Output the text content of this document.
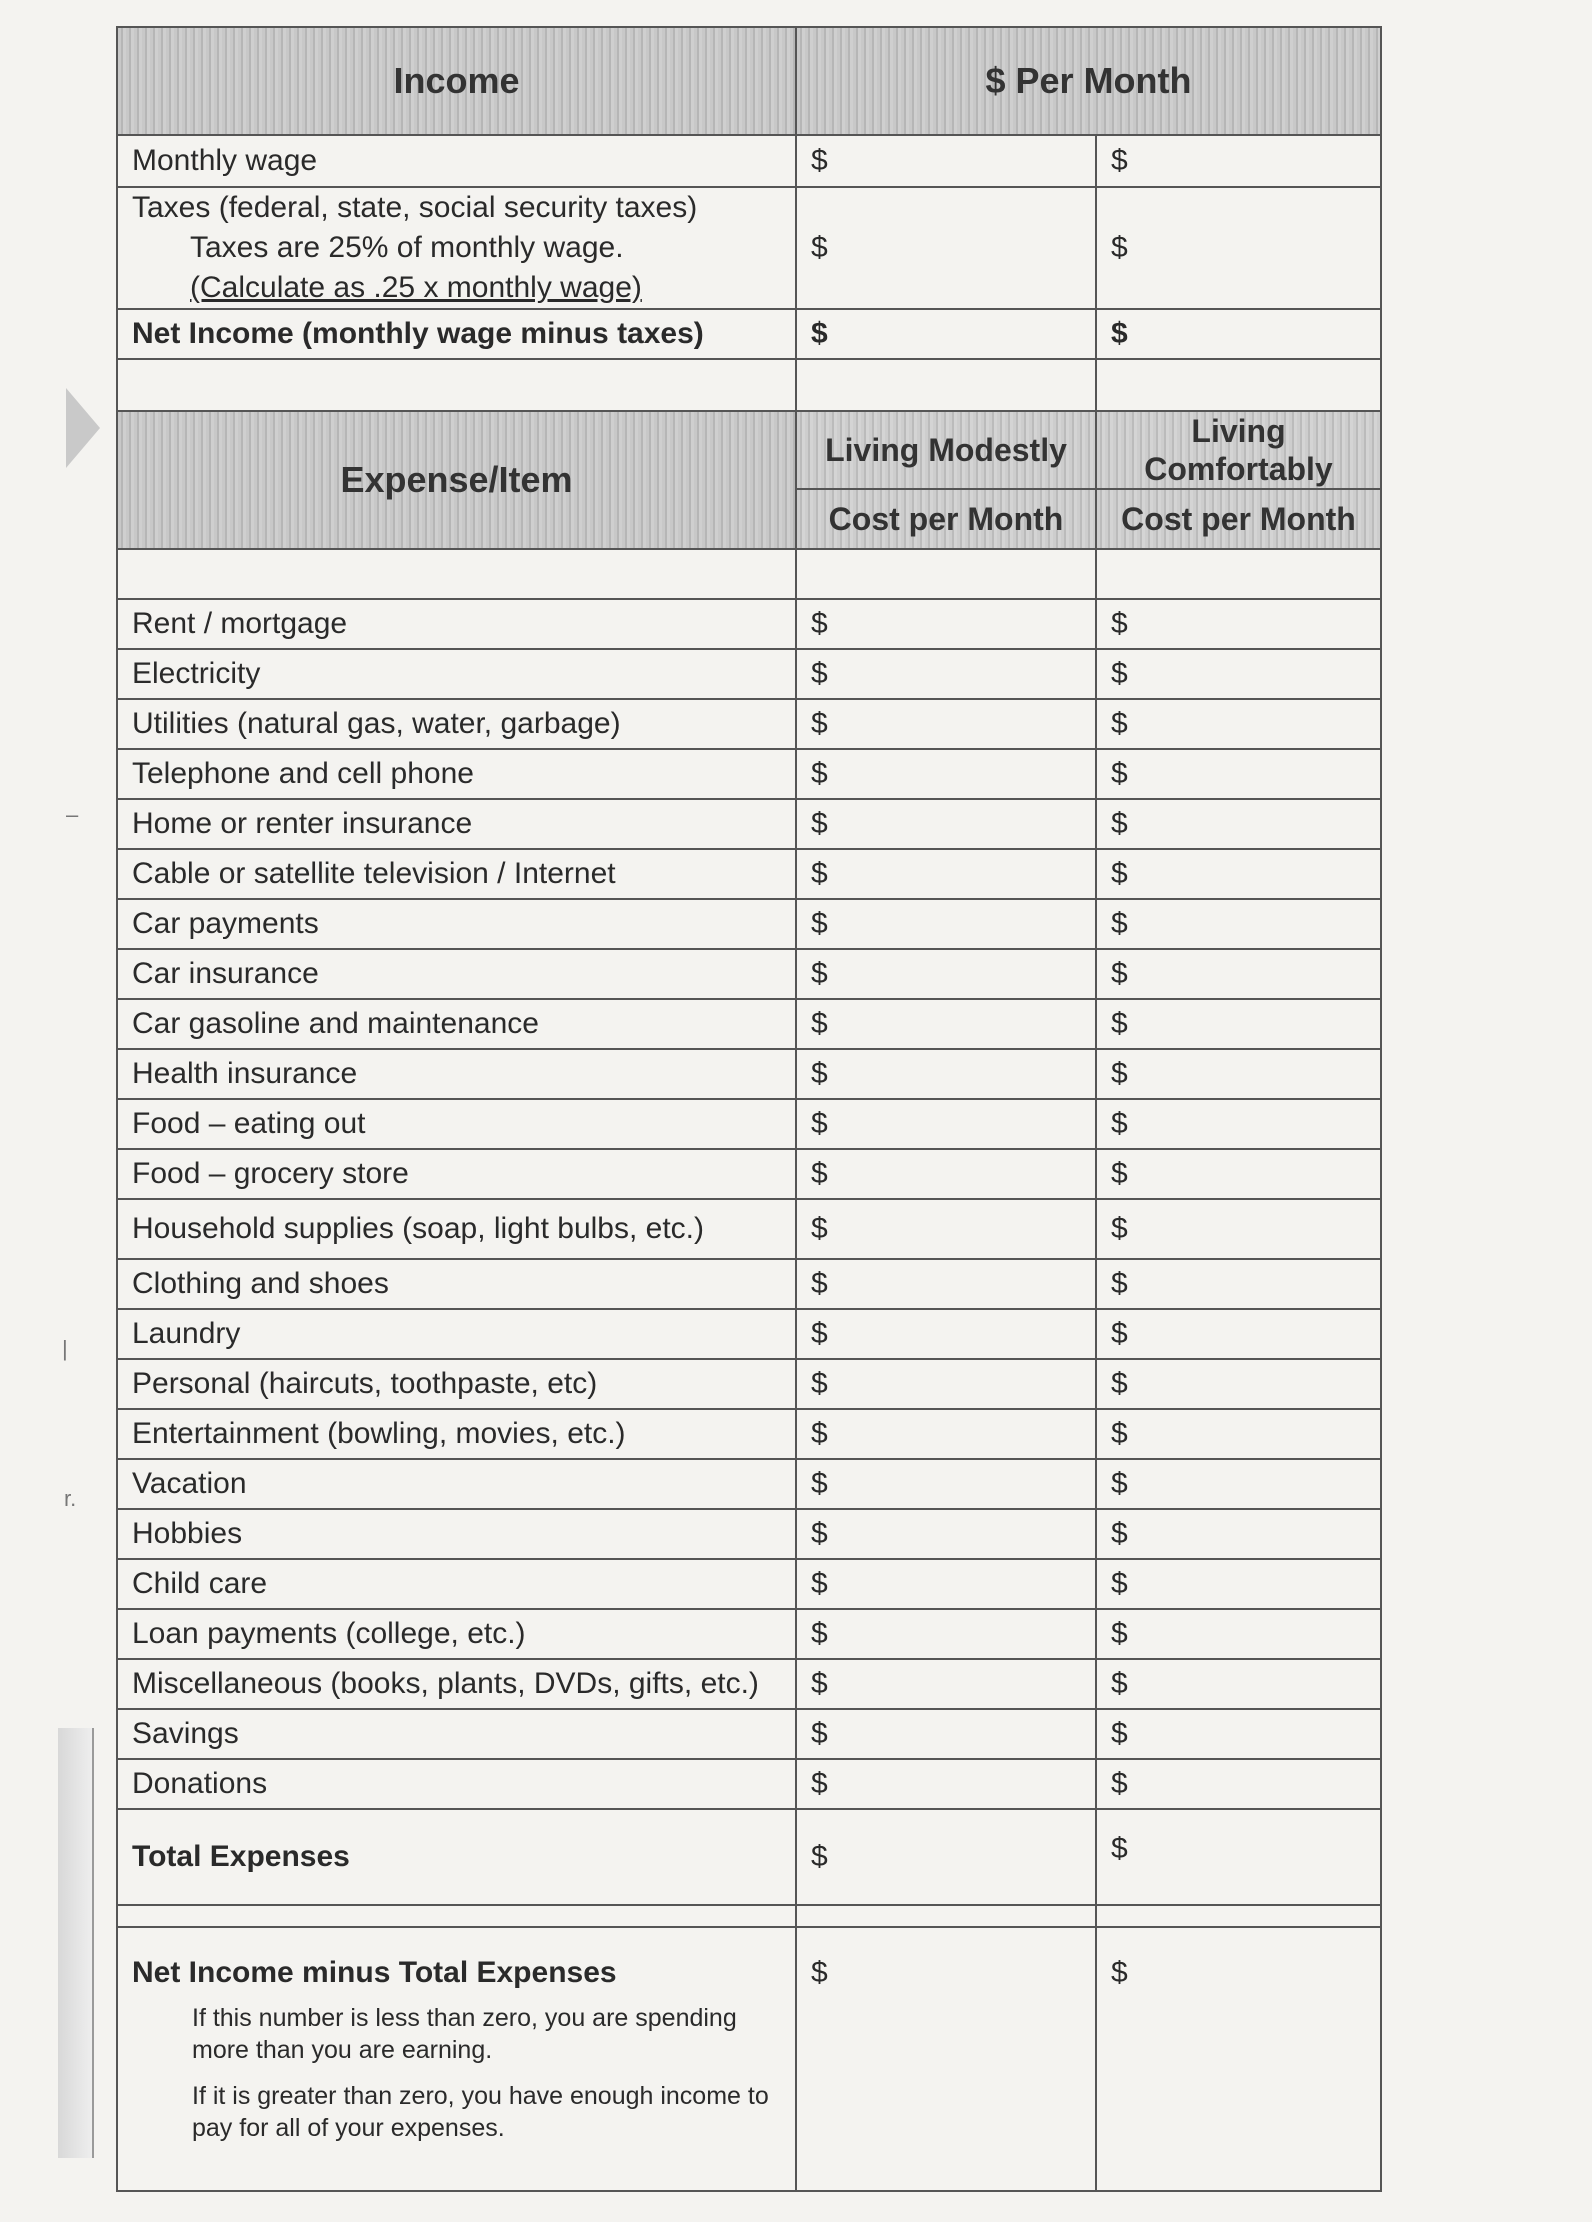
r.
–
|
Income	$ Per Month	
Monthly wage	$	$
Taxes (federal, state, social security taxes)
Taxes are 25% of monthly wage.
(Calculate as .25 x monthly wage)	$	$
Net Income (monthly wage minus taxes)	$	$

Expense/Item	Living Modestly	Living Comfortably
	Cost per Month	Cost per Month

Rent / mortgage	$	$
Electricity	$	$
Utilities (natural gas, water, garbage)	$	$
Telephone and cell phone	$	$
Home or renter insurance	$	$
Cable or satellite television / Internet	$	$
Car payments	$	$
Car insurance	$	$
Car gasoline and maintenance	$	$
Health insurance	$	$
Food – eating out	$	$
Food – grocery store	$	$
Household supplies (soap, light bulbs, etc.)	$	$
Clothing and shoes	$	$
Laundry	$	$
Personal (haircuts, toothpaste, etc)	$	$
Entertainment (bowling, movies, etc.)	$	$
Vacation	$	$
Hobbies	$	$
Child care	$	$
Loan payments (college, etc.)	$	$
Miscellaneous (books, plants, DVDs, gifts, etc.)	$	$
Savings	$	$
Donations	$	$
Total Expenses	$	$

Net Income minus Total Expenses
If this number is less than zero, you are spending more than you are earning.
If it is greater than zero, you have enough income to pay for all of your expenses.	$	$
